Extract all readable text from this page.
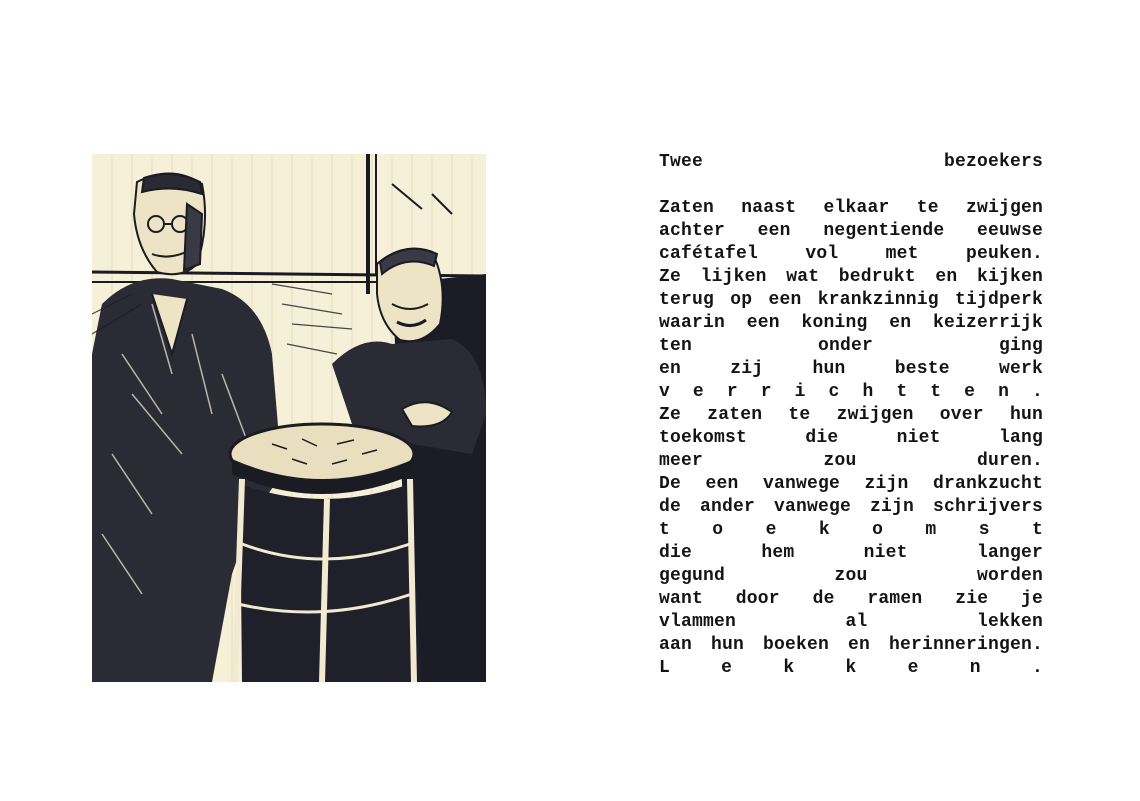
Twee	bezoekers
Zaten naast elkaar te zwijgen
achter een negentiende eeuwse
cafétafel	vol	met	peuken.
Ze lijken wat bedrukt en kijken
terug op een krankzinnig tijdperk
waarin een koning en keizerrijk
ten	onder	ging
en	zij	hun	beste	werk
v e r r i c h t t e n .
Ze zaten te zwijgen over hun
toekomst	die	niet	lang
meer	zou	duren.
De een vanwege zijn drankzucht
de ander vanwege zijn schrijvers
t o e k o m s t
die	hem	niet	langer
gegund	zou	worden
want door de ramen zie je
vlammen	al	lekken
aan hun boeken en herinneringen.
L	e	k	k	e	n	.
